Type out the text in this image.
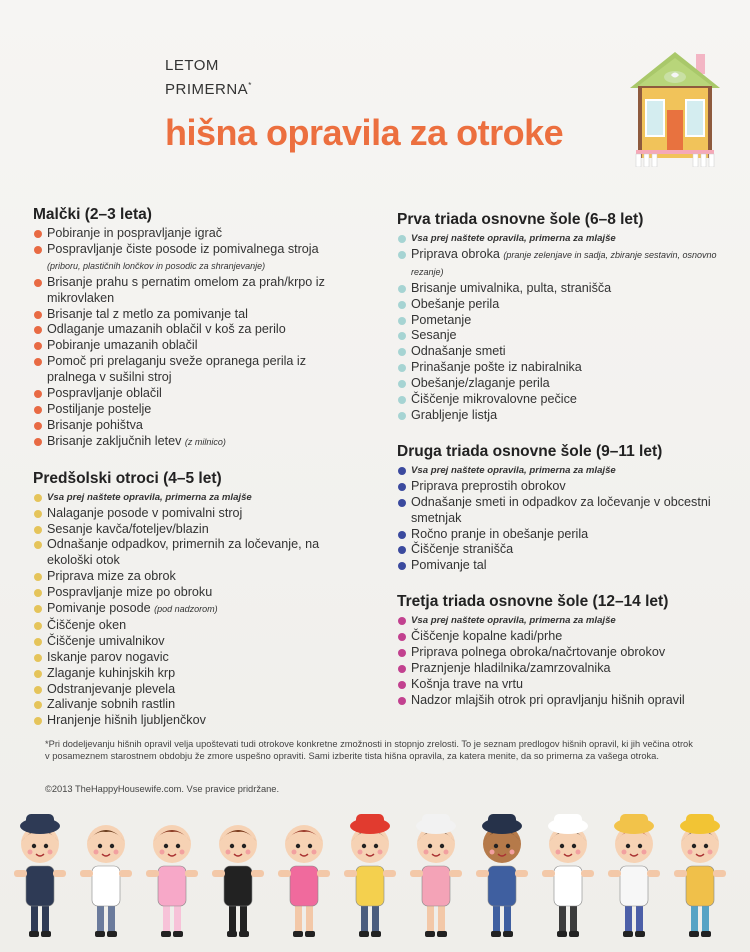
LETOM
PRIMERNA*
hišna opravila za otroke
Malčki (2–3 leta)
Pobiranje in pospravljanje igrač
Pospravljanje čiste posode iz pomivalnega stroja (priboru, plastičnih lončkov in posodic za shranjevanje)
Brisanje prahu s pernatim omelom za prah/krpo iz mikrovlaken
Brisanje tal z metlo za pomivanje tal
Odlaganje umazanih oblačil v koš za perilo
Pobiranje umazanih oblačil
Pomoč pri prelaganju sveže opranega perila iz pralnega v sušilni stroj
Pospravljanje oblačil
Postiljanje postelje
Brisanje pohištva
Brisanje zaključnih letev (z milnico)
Predšolski otroci (4–5 let)
Vsa prej naštete opravila, primerna za mlajše
Nalaganje posode v pomivalni stroj
Sesanje kavča/foteljev/blazin
Odnašanje odpadkov, primernih za ločevanje, na ekološki otok
Priprava mize za obrok
Pospravljanje mize po obroku
Pomivanje posode (pod nadzorom)
Čiščenje oken
Čiščenje umivalnikov
Iskanje parov nogavic
Zlaganje kuhinjskih krp
Odstranjevanje plevela
Zalivanje sobnih rastlin
Hranjenje hišnih ljubljenčkov
Prva triada osnovne šole (6–8 let)
Vsa prej naštete opravila, primerna za mlajše
Priprava obroka (pranje zelenjave in sadja, zbiranje sestavin, osnovno rezanje)
Brisanje umivalnika, pulta, stranišča
Obešanje perila
Pometanje
Sesanje
Odnašanje smeti
Prinašanje pošte iz nabiralnika
Obešanje/zlaganje perila
Čiščenje mikrovalovne pečice
Grabljenje listja
Druga triada osnovne šole (9–11 let)
Vsa prej naštete opravila, primerna za mlajše
Priprava preprostih obrokov
Odnašanje smeti in odpadkov za ločevanje v obcestni smetnjak
Ročno pranje in obešanje perila
Čiščenje stranišča
Pomivanje tal
Tretja triada osnovne šole (12–14 let)
Vsa prej naštete opravila, primerna za mlajše
Čiščenje kopalne kadi/prhe
Priprava polnega obroka/načrtovanje obrokov
Praznjenje hladilnika/zamrzovalnika
Košnja trave na vrtu
Nadzor mlajših otrok pri opravljanju hišnih opravil
*Pri dodeljevanju hišnih opravil velja upoštevati tudi otrokove konkretne zmožnosti in stopnjo zrelosti. To je seznam predlogov hišnih opravil, ki jih večina otrok v posameznem starostnem obdobju že zmore uspešno opraviti. Sami izberite tista hišna opravila, za katera menite, da so primerna za vašega otroka.
©2013 TheHappyHousewife.com. Vse pravice pridržane.
